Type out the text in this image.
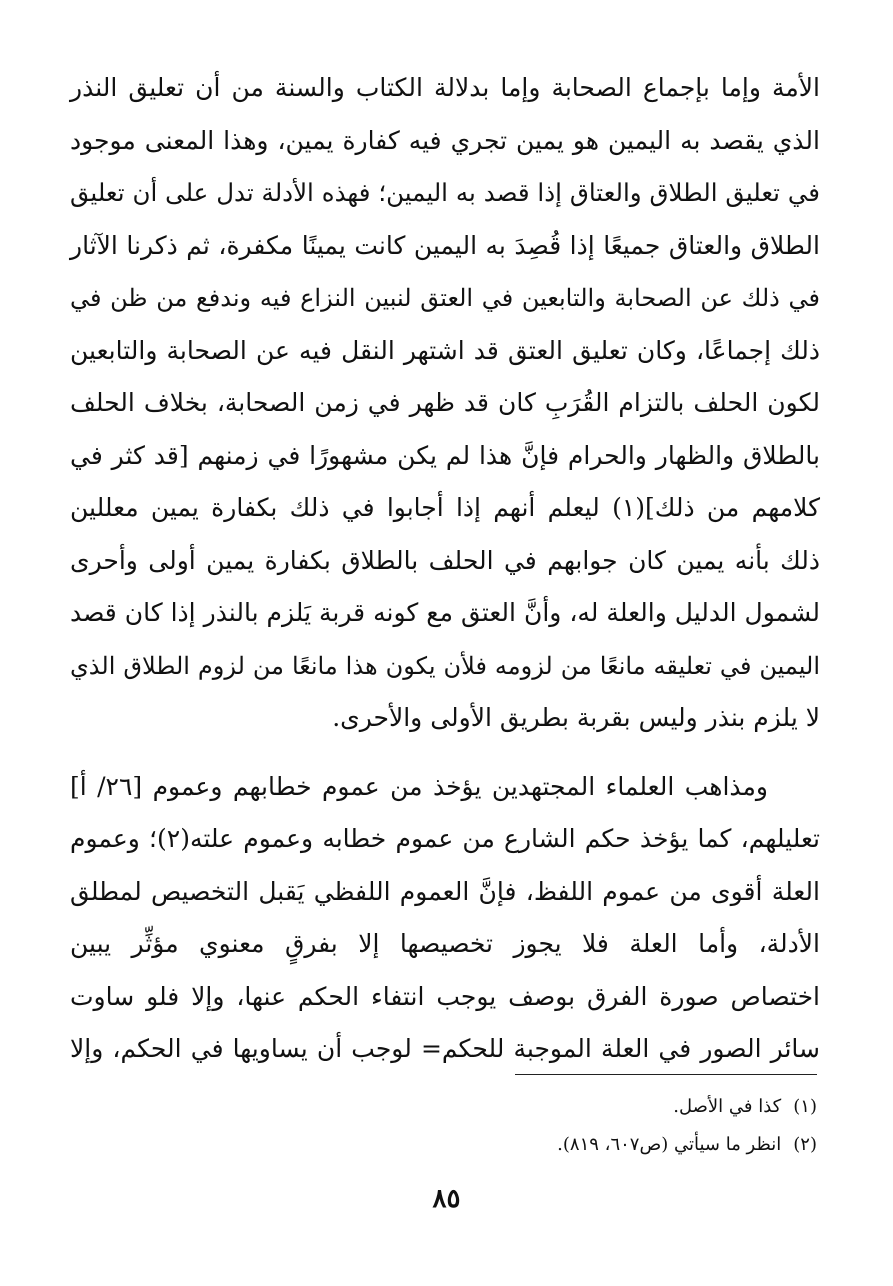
الأمة وإما بإجماع الصحابة وإما بدلالة الكتاب والسنة من أن تعليق النذر
الذي يقصد به اليمين هو يمين تجري فيه كفارة يمين، وهذا المعنى موجود
في تعليق الطلاق والعتاق إذا قصد به اليمين؛ فهذه الأدلة تدل على أن تعليق
الطلاق والعتاق جميعًا إذا قُصِدَ به اليمين كانت يمينًا مكفرة، ثم ذكرنا الآثار
في ذلك عن الصحابة والتابعين في العتق لنبين النزاع فيه وندفع من ظن في
ذلك إجماعًا، وكان تعليق العتق قد اشتهر النقل فيه عن الصحابة والتابعين
لكون الحلف بالتزام القُرَبِ كان قد ظهر في زمن الصحابة، بخلاف الحلف
بالطلاق والظهار والحرام فإنَّ هذا لم يكن مشهورًا في زمنهم [قد كثر في
كلامهم من ذلك](١) ليعلم أنهم إذا أجابوا في ذلك بكفارة يمين معللين
ذلك بأنه يمين كان جوابهم في الحلف بالطلاق بكفارة يمين أولى وأحرى
لشمول الدليل والعلة له، وأنَّ العتق مع كونه قربة يَلزم بالنذر إذا كان قصد
اليمين في تعليقه مانعًا من لزومه فلأن يكون هذا مانعًا من لزوم الطلاق الذي
لا يلزم بنذر وليس بقربة بطريق الأولى والأحرى.
ومذاهب العلماء المجتهدين يؤخذ من عموم خطابهم وعموم [٢٦/ أ]
تعليلهم، كما يؤخذ حكم الشارع من عموم خطابه وعموم علته(٢)؛ وعموم
العلة أقوى من عموم اللفظ، فإنَّ العموم اللفظي يَقبل التخصيص لمطلق
الأدلة، وأما العلة فلا يجوز تخصيصها إلا بفرقٍ معنوي مؤثِّر يبين
اختصاص صورة الفرق بوصف يوجب انتفاء الحكم عنها، وإلا فلو ساوت
سائر الصور في العلة الموجبة للحكم= لوجب أن يساويها في الحكم، وإلا
(١)كذا في الأصل.
(٢)انظر ما سيأتي (ص٦٠٧، ٨١٩).
٨٥
